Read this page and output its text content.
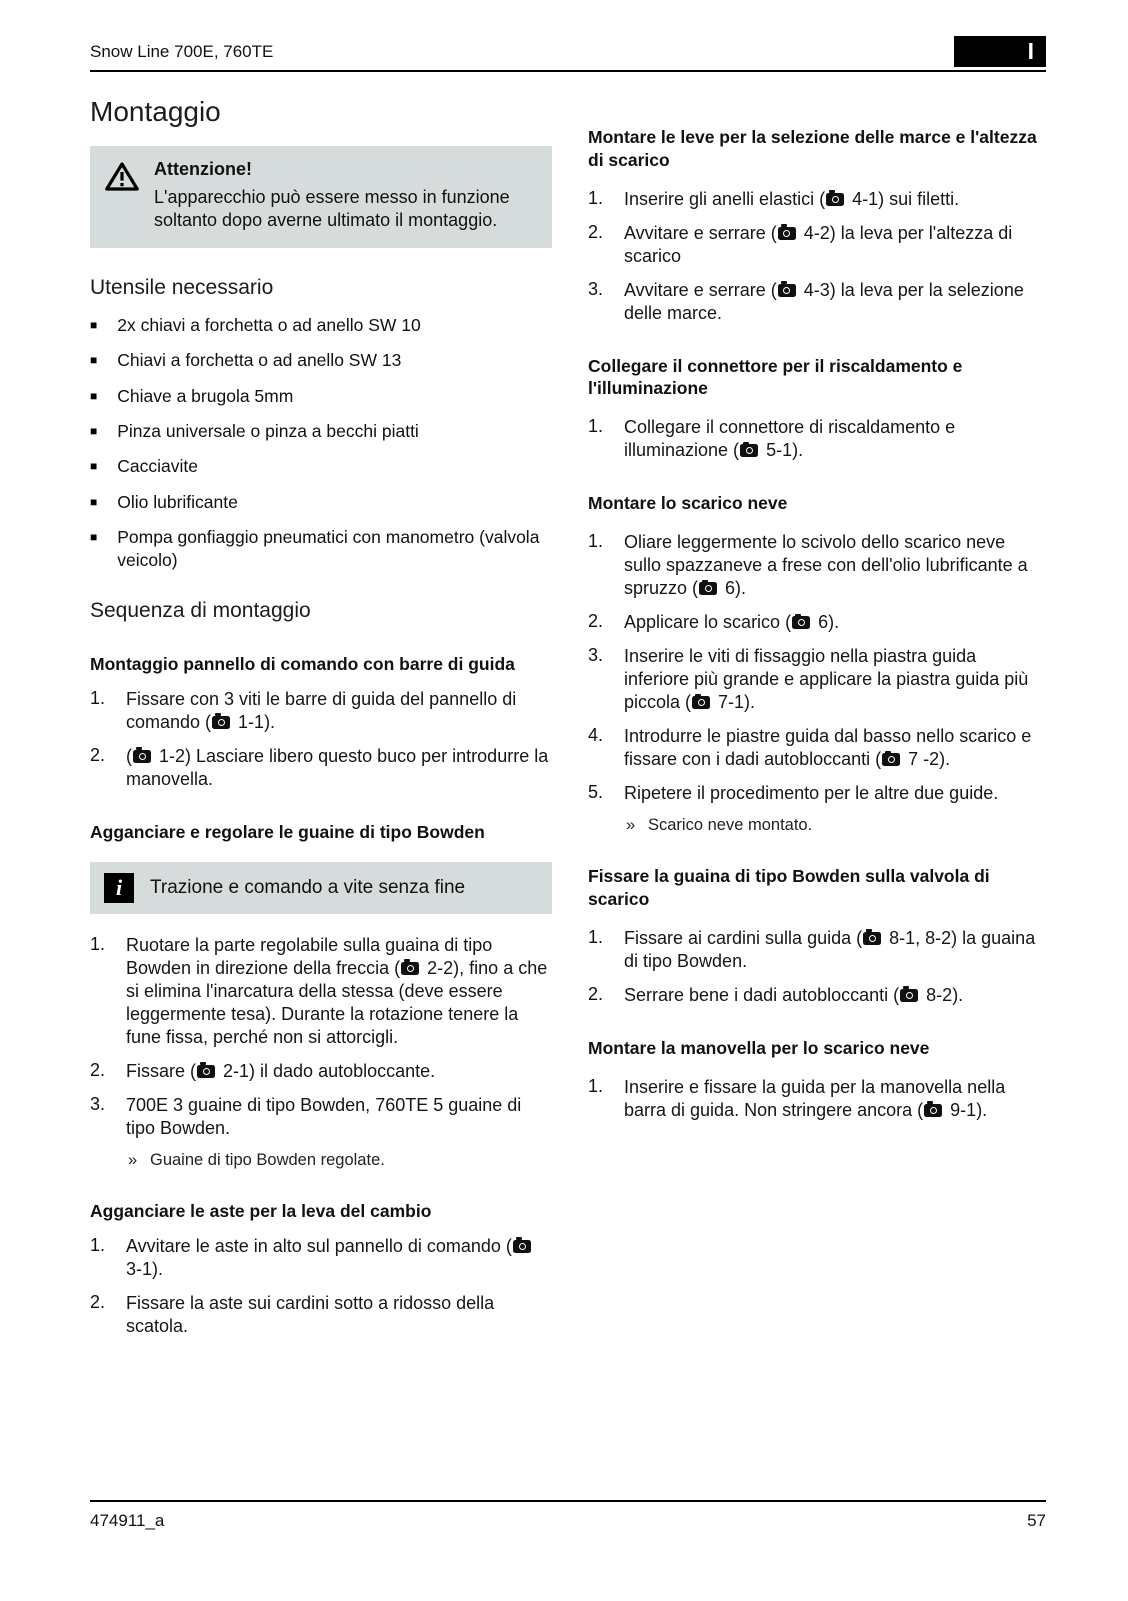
Snow Line 700E, 760TE	I
Montaggio
Attenzione!
L'apparecchio può essere messo in funzione soltanto dopo averne ultimato il montaggio.
Utensile necessario
■ 2x chiavi a forchetta o ad anello SW 10
■ Chiavi a forchetta o ad anello SW 13
■ Chiave a brugola 5mm
■ Pinza universale o pinza a becchi piatti
■ Cacciavite
■ Olio lubrificante
■ Pompa gonfiaggio pneumatici con manometro (valvola veicolo)
Sequenza di montaggio
Montaggio pannello di comando con barre di guida
1.	Fissare con 3 viti le barre di guida del pannello di comando ( 1-1).
2.	( 1-2) Lasciare libero questo buco per introdurre la manovella.
Agganciare e regolare le guaine di tipo Bowden
i	Trazione e comando a vite senza fine
1.	Ruotare la parte regolabile sulla guaina di tipo Bowden in direzione della freccia ( 2-2), fino a che si elimina l'inarcatura della stessa (deve essere leggermente tesa). Durante la rotazione tenere la fune fissa, perché non si attorcigli.
2.	Fissare ( 2-1) il dado autobloccante.
3.	700E 3 guaine di tipo Bowden, 760TE 5 guaine di tipo Bowden.
» Guaine di tipo Bowden regolate.
Agganciare le aste per la leva del cambio
1.	Avvitare le aste in alto sul pannello di comando ( 3-1).
2.	Fissare la aste sui cardini sotto a ridosso della scatola.
Montare le leve per la selezione delle marce e l'altezza di scarico
1.	Inserire gli anelli elastici ( 4-1) sui filetti.
2.	Avvitare e serrare ( 4-2) la leva per l'altezza di scarico
3.	Avvitare e serrare ( 4-3) la leva per la selezione delle marce.
Collegare il connettore per il riscaldamento e l'illuminazione
1.	Collegare il connettore di riscaldamento e illuminazione ( 5-1).
Montare lo scarico neve
1.	Oliare leggermente lo scivolo dello scarico neve sullo spazzaneve a frese con dell'olio lubrificante a spruzzo ( 6).
2.	Applicare lo scarico ( 6).
3.	Inserire le viti di fissaggio nella piastra guida inferiore più grande e applicare la piastra guida più piccola ( 7-1).
4.	Introdurre le piastre guida dal basso nello scarico e fissare con i dadi autobloccanti ( 7 -2).
5.	Ripetere il procedimento per le altre due guide.
» Scarico neve montato.
Fissare la guaina di tipo Bowden sulla valvola di scarico
1.	Fissare ai cardini sulla guida ( 8-1, 8-2) la guaina di tipo Bowden.
2.	Serrare bene i dadi autobloccanti ( 8-2).
Montare la manovella per lo scarico neve
1.	Inserire e fissare la guida per la manovella nella barra di guida. Non stringere ancora ( 9-1).
474911_a	57
